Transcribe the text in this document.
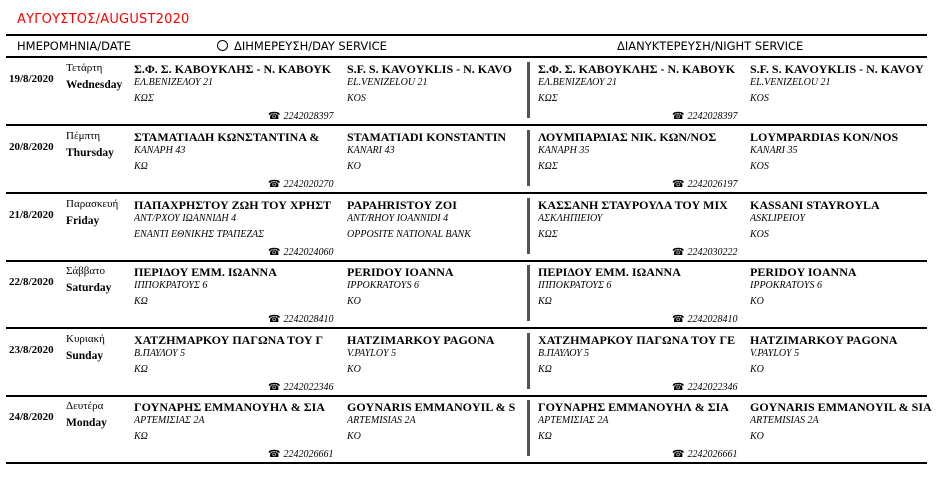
ΑΥΓΟΥΣΤΟΣ/AUGUST2020
ΗΜΕΡΟΜΗΝΙΑ/DATE	ΔΙΗΜΕΡΕΥΣΗ/DAY SERVICE	ΔΙΑΝΥΚΤΕΡΕΥΣΗ/NIGHT SERVICE
19/8/2020
Τετάρτη
Wednesday
Σ.Φ. Σ. ΚΑΒΟΥΚΛΗΣ - Ν. ΚΑΒΟΥΚ
ΕΛ.ΒΕΝΙΖΕΛΟΥ 21
ΚΩΣ
S.F. S. KAVOYKLIS - N. KAVO
EL.VENIZELOU 21
KOS
☎ 2242028397
Σ.Φ. Σ. ΚΑΒΟΥΚΛΗΣ - Ν. ΚΑΒΟΥΚ
ΕΛ.ΒΕΝΙΖΕΛΟΥ 21
ΚΩΣ
S.F. S. KAVOYKLIS - N. KAVOY
EL.VENIZELOU 21
KOS
☎ 2242028397
20/8/2020
Πέμπτη
Thursday
ΣΤΑΜΑΤΙΑΔΗ ΚΩΝΣΤΑΝΤΙΝΑ &
ΚΑΝΑΡΗ 43
ΚΩ
STAMATIADI KONSTANTIN
KANARI 43
KO
☎ 2242020270
ΛΟΥΜΠΑΡΔΙΑΣ ΝΙΚ. ΚΩΝ/ΝΟΣ
ΚΑΝΑΡΗ 35
ΚΩΣ
LOYMPARDIAS KON/NOS
KANARI 35
KOS
☎ 2242026197
21/8/2020
Παρασκευή
Friday
ΠΑΠΑΧΡΗΣΤΟΥ ΖΩΗ ΤΟΥ ΧΡΗΣΤ
ΑΝΤ/ΡΧΟΥ ΙΩΑΝΝΙΔΗ 4
ΕΝΑΝΤΙ ΕΘΝΙΚΗΣ ΤΡΑΠΕΖΑΣ
PAPAHRISTOY ZOI
ANT/RHOY IOANNIDI 4
OPPOSITE NATIONAL BANK
☎ 2242024060
ΚΑΣΣΑΝΗ ΣΤΑΥΡΟΥΛΑ ΤΟΥ ΜΙΧ
ΑΣΚΛΗΠΙΕΙΟΥ
ΚΩΣ
KASSANI STAYROYLA
ASKLIPEIOY
KOS
☎ 2242030222
22/8/2020
Σάββατο
Saturday
ΠΕΡΙΔΟΥ ΕΜΜ. ΙΩΑΝΝΑ
ΙΠΠΟΚΡΑΤΟΥΣ 6
ΚΩ
PERIDOY IOANNA
IPPOKRATOYS 6
KO
☎ 2242028410
ΠΕΡΙΔΟΥ ΕΜΜ. ΙΩΑΝΝΑ
ΙΠΠΟΚΡΑΤΟΥΣ 6
ΚΩ
PERIDOY IOANNA
IPPOKRATOYS 6
KO
☎ 2242028410
23/8/2020
Κυριακή
Sunday
ΧΑΤΖΗΜΑΡΚΟΥ ΠΑΓΩΝΑ ΤΟΥ Γ
Β.ΠΑΥΛΟΥ 5
ΚΩ
HATZIMARKOY PAGONA
V.PAYLOY 5
KO
☎ 2242022346
ΧΑΤΖΗΜΑΡΚΟΥ ΠΑΓΩΝΑ ΤΟΥ ΓΕ
Β.ΠΑΥΛΟΥ 5
ΚΩ
HATZIMARKOY PAGONA
V.PAYLOY 5
KO
☎ 2242022346
24/8/2020
Δευτέρα
Monday
ΓΟΥΝΑΡΗΣ ΕΜΜΑΝΟΥΗΛ & ΣΙΑ
ΑΡΤΕΜΙΣΙΑΣ 2Α
ΚΩ
GOYNARIS EMMANOYIL & S
ARTEMISIAS 2A
KO
☎ 2242026661
ΓΟΥΝΑΡΗΣ ΕΜΜΑΝΟΥΗΛ & ΣΙΑ
ΑΡΤΕΜΙΣΙΑΣ 2Α
ΚΩ
GOYNARIS EMMANOYIL & SIA
ARTEMISIAS 2A
KO
☎ 2242026661
